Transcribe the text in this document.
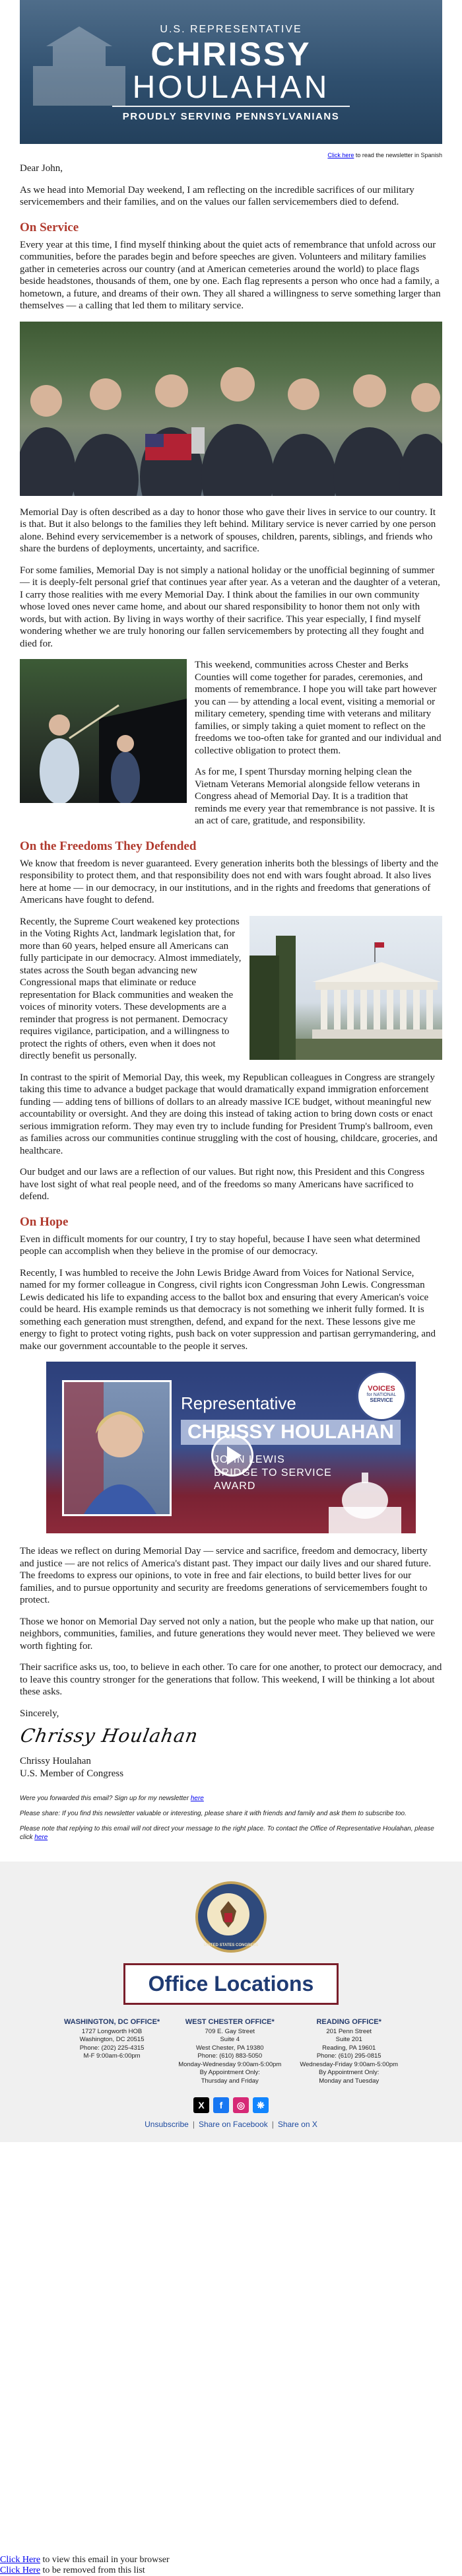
U.S. REPRESENTATIVE
CHRISSY
HOULAHAN
PROUDLY SERVING PENNSYLVANIANS
Click here to read the newsletter in Spanish

Dear John,

As we head into Memorial Day weekend, I am reflecting on the incredible sacrifices of our military servicemembers and their families, and on the values our fallen servicemembers died to defend.

On Service

Every year at this time, I find myself thinking about the quiet acts of remembrance that unfold across our communities, before the parades begin and before speeches are given. Volunteers and military families gather in cemeteries across our country (and at American cemeteries around the world) to place flags beside headstones, thousands of them, one by one. Each flag represents a person who once had a family, a hometown, a future, and dreams of their own. They all shared a willingness to serve something larger than themselves — a calling that led them to military service.

Memorial Day is often described as a day to honor those who gave their lives in service to our country. It is that. But it also belongs to the families they left behind. Military service is never carried by one person alone. Behind every servicemember is a network of spouses, children, parents, siblings, and friends who share the burdens of deployments, uncertainty, and sacrifice.

For some families, Memorial Day is not simply a national holiday or the unofficial beginning of summer — it is deeply-felt personal grief that continues year after year. As a veteran and the daughter of a veteran, I carry those realities with me every Memorial Day. I think about the families in our own community whose loved ones never came home, and about our shared responsibility to honor them not only with words, but with action. By living in ways worthy of their sacrifice. This year especially, I find myself wondering whether we are truly honoring our fallen servicemembers by protecting all they fought and died for.

This weekend, communities across Chester and Berks Counties will come together for parades, ceremonies, and moments of remembrance. I hope you will take part however you can — by attending a local event, visiting a memorial or military cemetery, spending time with veterans and military families, or simply taking a quiet moment to reflect on the freedoms we too-often take for granted and our individual and collective obligation to protect them.

As for me, I spent Thursday morning helping clean the Vietnam Veterans Memorial alongside fellow veterans in Congress ahead of Memorial Day. It is a tradition that reminds me every year that remembrance is not passive. It is an act of care, gratitude, and responsibility.

On the Freedoms They Defended

We know that freedom is never guaranteed. Every generation inherits both the blessings of liberty and the responsibility to protect them, and that responsibility does not end with wars fought abroad. It also lives here at home — in our democracy, in our institutions, and in the rights and freedoms that generations of Americans have fought to defend.

Recently, the Supreme Court weakened key protections in the Voting Rights Act, landmark legislation that, for more than 60 years, helped ensure all Americans can fully participate in our democracy. Almost immediately, states across the South began advancing new Congressional maps that eliminate or reduce representation for Black communities and weaken the voices of minority voters. These developments are a reminder that progress is not permanent. Democracy requires vigilance, participation, and a willingness to protect the rights of others, even when it does not directly benefit us personally.

In contrast to the spirit of Memorial Day, this week, my Republican colleagues in Congress are strangely taking this time to advance a budget package that would dramatically expand immigration enforcement funding — adding tens of billions of dollars to an already massive ICE budget, without meaningful new accountability or oversight. And they are doing this instead of taking action to bring down costs or enact serious immigration reform. They may even try to include funding for President Trump's ballroom, even as families across our communities continue struggling with the cost of housing, childcare, groceries, and healthcare.

Our budget and our laws are a reflection of our values. But right now, this President and this Congress have lost sight of what real people need, and of the freedoms so many Americans have sacrificed to defend.

On Hope

Even in difficult moments for our country, I try to stay hopeful, because I have seen what determined people can accomplish when they believe in the promise of our democracy.

Recently, I was humbled to receive the John Lewis Bridge Award from Voices for National Service, named for my former colleague in Congress, civil rights icon Congressman John Lewis. Congressman Lewis dedicated his life to expanding access to the ballot box and ensuring that every American's voice could be heard. His example reminds us that democracy is not something we inherit fully formed. It is something each generation must strengthen, defend, and expand for the next. These lessons give me energy to fight to protect voting rights, push back on voter suppression and partisan gerrymandering, and make our government accountable to the people it serves.

Representative
CHRISSY HOULAHAN
JOHN LEWIS
BRIDGE TO SERVICE
AWARD
VOICES
for NATIONAL
SERVICE

The ideas we reflect on during Memorial Day — service and sacrifice, freedom and democracy, liberty and justice — are not relics of America's distant past. They impact our daily lives and our shared future. The freedoms to express our opinions, to vote in free and fair elections, to build better lives for our families, and to pursue opportunity and security are freedoms generations of servicemembers fought to protect.

Those we honor on Memorial Day served not only a nation, but the people who make up that nation, our neighbors, communities, families, and future generations they would never meet. They believed we were worth fighting for.

Their sacrifice asks us, too, to believe in each other. To care for one another, to protect our democracy, and to leave this country stronger for the generations that follow. This weekend, I will be thinking a lot about these asks.

Sincerely,

Chrissy Houlahan

Chrissy Houlahan
U.S. Member of Congress

Were you forwarded this email? Sign up for my newsletter here

Please share: If you find this newsletter valuable or interesting, please share it with friends and family and ask them to subscribe too.

Please note that replying to this email will not direct your message to the right place. To contact the Office of Representative Houlahan, please click here

UNITED STATES CONGRESS
Office Locations
WASHINGTON, DC OFFICE*
1727 Longworth HOB
Washington, DC 20515
Phone: (202) 225-4315
M-F 9:00am-6:00pm
WEST CHESTER OFFICE*
709 E. Gay Street
Suite 4
West Chester, PA 19380
Phone: (610) 883-5050
Monday-Wednesday 9:00am-5:00pm
By Appointment Only:
Thursday and Friday
READING OFFICE*
201 Penn Street
Suite 201
Reading, PA 19601
Phone: (610) 295-0815
Wednesday-Friday 9:00am-5:00pm
By Appointment Only:
Monday and Tuesday
X	f	◎	❋
Unsubscribe | Share on Facebook | Share on X
Click Here to view this email in your browser
Click Here to be removed from this list
